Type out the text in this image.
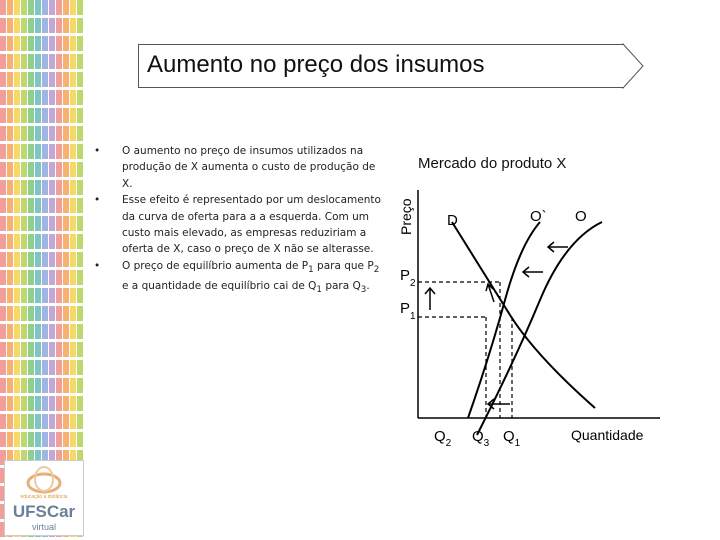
Aumento no preço dos insumos
• O aumento no preço de insumos utilizados na produção de X aumenta o custo de produção de X.
• Esse efeito é representado por um deslocamento da curva de oferta para a a esquerda. Com um custo mais elevado, as empresas reduziriam a oferta de X, caso o preço de X não se alterasse.
• O preço de equilíbrio aumenta de $P_1$ para que $P_2$ e a quantidade de equilíbrio cai de $Q_1$ para $Q_3$.
educação a distância
UFSCar
virtual
Mercado do produto X
Preço D	O` O
$P_2$
$P_1$
$Q_2$ $Q_3$ $Q_1$
Quantidade
